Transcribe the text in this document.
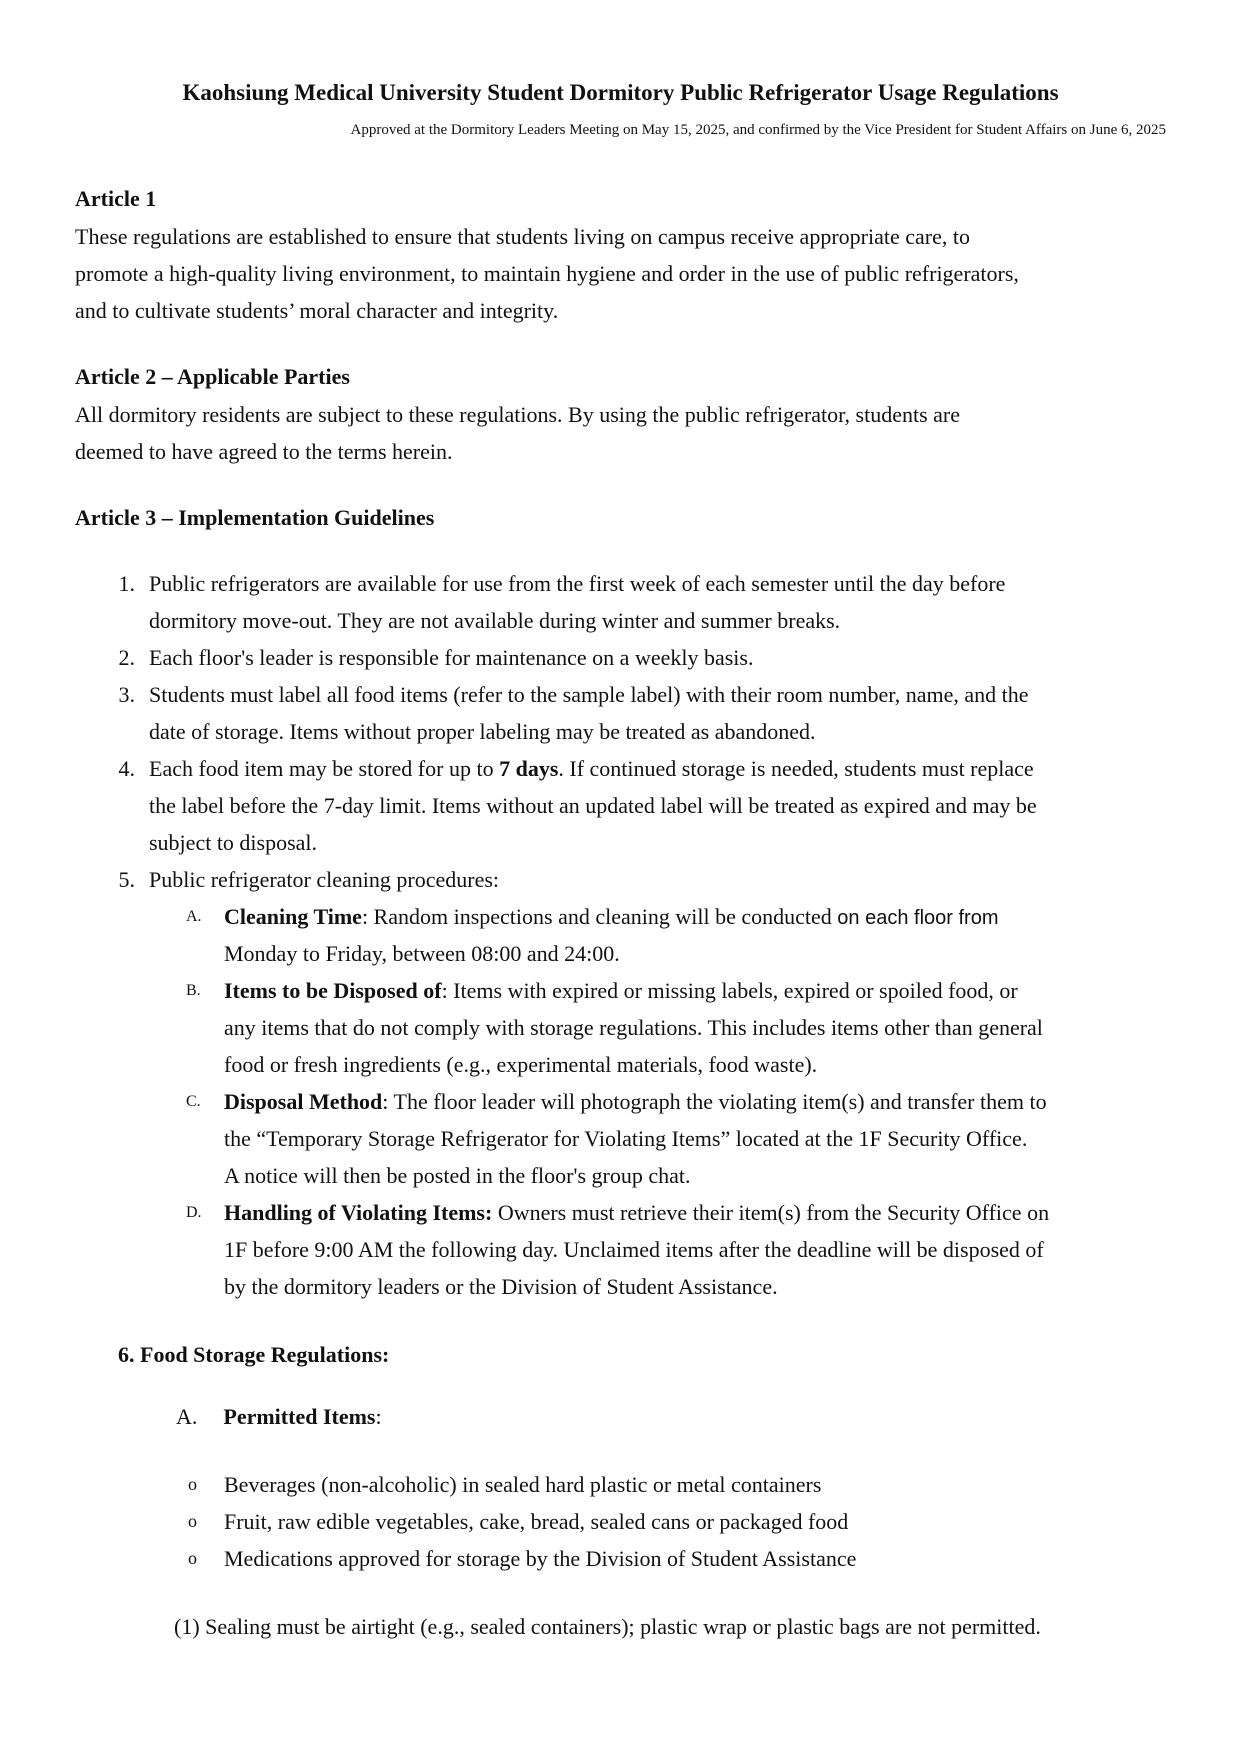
Kaohsiung Medical University Student Dormitory Public Refrigerator Usage Regulations
Approved at the Dormitory Leaders Meeting on May 15, 2025, and confirmed by the Vice President for Student Affairs on June 6, 2025
Article 1
These regulations are established to ensure that students living on campus receive appropriate care, to
promote a high-quality living environment, to maintain hygiene and order in the use of public refrigerators,
and to cultivate students’ moral character and integrity.
Article 2 – Applicable Parties
All dormitory residents are subject to these regulations. By using the public refrigerator, students are
deemed to have agreed to the terms herein.
Article 3 – Implementation Guidelines
1. Public refrigerators are available for use from the first week of each semester until the day before
dormitory move-out. They are not available during winter and summer breaks.
2. Each floor's leader is responsible for maintenance on a weekly basis.
3. Students must label all food items (refer to the sample label) with their room number, name, and the
date of storage. Items without proper labeling may be treated as abandoned.
4. Each food item may be stored for up to 7 days. If continued storage is needed, students must replace
the label before the 7-day limit. Items without an updated label will be treated as expired and may be
subject to disposal.
5. Public refrigerator cleaning procedures:
A. Cleaning Time: Random inspections and cleaning will be conducted on each floor from
Monday to Friday, between 08:00 and 24:00.
B. Items to be Disposed of: Items with expired or missing labels, expired or spoiled food, or
any items that do not comply with storage regulations. This includes items other than general
food or fresh ingredients (e.g., experimental materials, food waste).
C. Disposal Method: The floor leader will photograph the violating item(s) and transfer them to
the “Temporary Storage Refrigerator for Violating Items” located at the 1F Security Office.
A notice will then be posted in the floor's group chat.
D. Handling of Violating Items: Owners must retrieve their item(s) from the Security Office on
1F before 9:00 AM the following day. Unclaimed items after the deadline will be disposed of
by the dormitory leaders or the Division of Student Assistance.
6. Food Storage Regulations:
A. Permitted Items:
o Beverages (non-alcoholic) in sealed hard plastic or metal containers
o Fruit, raw edible vegetables, cake, bread, sealed cans or packaged food
o Medications approved for storage by the Division of Student Assistance
(1) Sealing must be airtight (e.g., sealed containers); plastic wrap or plastic bags are not permitted.
